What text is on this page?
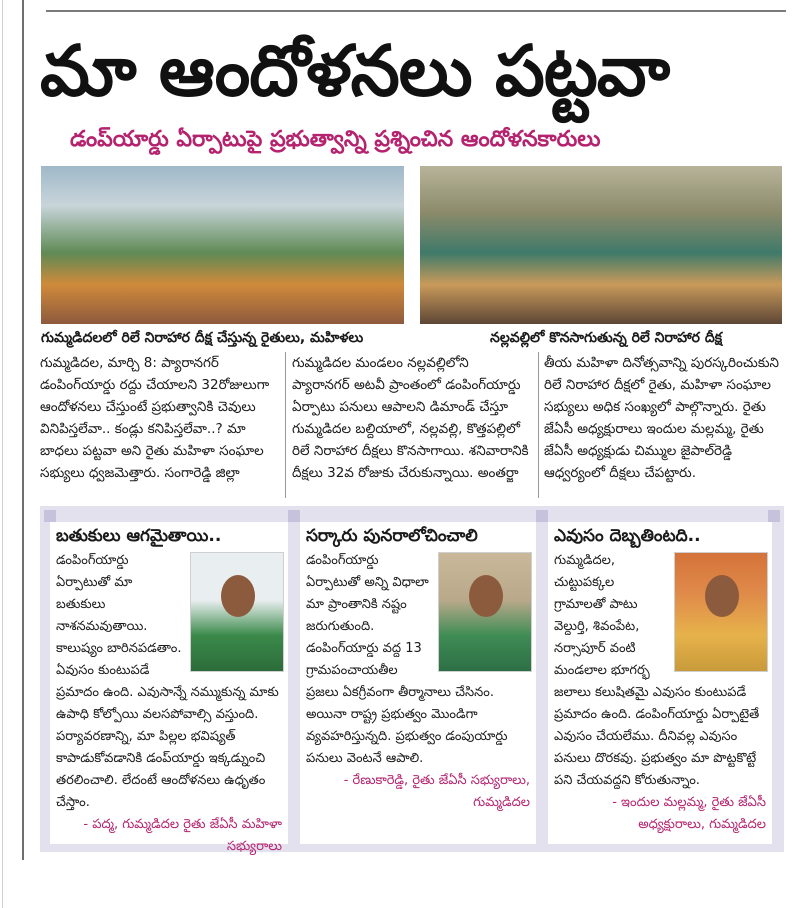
మా ఆందోళనలు పట్టవా
డంప్‌యార్డు ఏర్పాటుపై ప్రభుత్వాన్ని ప్రశ్నించిన ఆందోళనకారులు
గుమ్మడిదలలో రిలే నిరాహార దీక్ష చేస్తున్న రైతులు, మహిళలు	నల్లవల్లిలో కొనసాగుతున్న రిలే నిరాహార దీక్ష
గుమ్మడిదల, మార్చి 8: ప్యారానగర్ డంపింగ్‌యార్డు రద్దు చేయాలని 32రోజులుగా ఆందోళనలు చేస్తుంటే ప్రభుత్వానికి చెవులు వినిపిస్తలేవా.. కండ్లు కనిపిస్తలేవా..? మా బాధలు పట్టవా అని రైతు మహిళా సంఘాల సభ్యులు ధ్వజమెత్తారు. సంగారెడ్డి జిల్లా
గుమ్మడిదల మండలం నల్లవల్లిలోని ప్యారానగర్ అటవీ ప్రాంతంలో డంపింగ్‌యార్డు ఏర్పాటు పనులు ఆపాలని డిమాండ్ చేస్తూ గుమ్మడిదల బల్దియాలో, నల్లవల్లి, కొత్తపల్లిలో రిలే నిరాహార దీక్షలు కొనసాగాయి. శనివారానికి దీక్షలు 32వ రోజుకు చేరుకున్నాయి. అంతర్జా
తీయ మహిళా దినోత్సవాన్ని పురస్కరించుకుని రిలే నిరాహార దీక్షలో రైతు, మహిళా సంఘాల సభ్యులు అధిక సంఖ్యలో పాల్గొన్నారు. రైతు జేఏసీ అధ్యక్షురాలు ఇందుల మల్లమ్మ, రైతు జేఏసీ అధ్యక్షుడు చిమ్ముల జైపాల్‌రెడ్డి ఆధ్వర్యంలో దీక్షలు చేపట్టారు.
బతుకులు ఆగమైతాయి..
డంపింగ్‌యార్డు ఏర్పాటుతో మా బతుకులు నాశనమవుతాయి. కాలుష్యం బారినపడతాం. ఏవుసం కుంటుపడే ప్రమాదం ఉంది. ఎవుసాన్నే నమ్ముకున్న మాకు ఉపాధి కోల్పోయి వలసపోవాల్సి వస్తుంది. పర్యావరణాన్ని, మా పిల్లల భవిష్యత్ కాపాడుకోవడానికి డంప్‌యార్డు ఇక్కడ్నుంచి తరలించాలి. లేదంటే ఆందోళనలు ఉధృతం చేస్తాం.
- పద్మ, గుమ్మడిదల రైతు జేఏసీ మహిళా సభ్యురాలు
సర్కారు పునరాలోచించాలి
డంపింగ్‌యార్డు ఏర్పాటుతో అన్ని విధాలా మా ప్రాంతానికి నష్టం జరుగుతుంది. డంపింగ్‌యార్డు వద్ద 13 గ్రామపంచాయతీల ప్రజలు ఏకగ్రీవంగా తీర్మానాలు చేసినం. అయినా రాష్ట్ర ప్రభుత్వం మొండిగా వ్యవహరిస్తున్నది. ప్రభుత్వం డంపుయార్డు పనులు వెంటనే ఆపాలి.
- రేణుకారెడ్డి, రైతు జేఏసీ సభ్యురాలు, గుమ్మడిదల
ఎవుసం దెబ్బతింటది..
గుమ్మడిదల, చుట్టుపక్కల గ్రామాలతో పాటు వెల్దుర్తి, శివంపేట, నర్సాపూర్ వంటి మండలాల భూగర్భ జలాలు కలుషితమై ఎవుసం కుంటుపడే ప్రమాదం ఉంది. డంపింగ్‌యార్డు ఏర్పాటైతే ఎవుసం చేయలేము. దీనివల్ల ఎవుసం పనులు దొరకవు. ప్రభుత్వం మా పొట్టకొట్టే పని చేయవద్దని కోరుతున్నాం.
- ఇందుల మల్లమ్మ, రైతు జేఏసీ అధ్యక్షురాలు, గుమ్మడిదల
